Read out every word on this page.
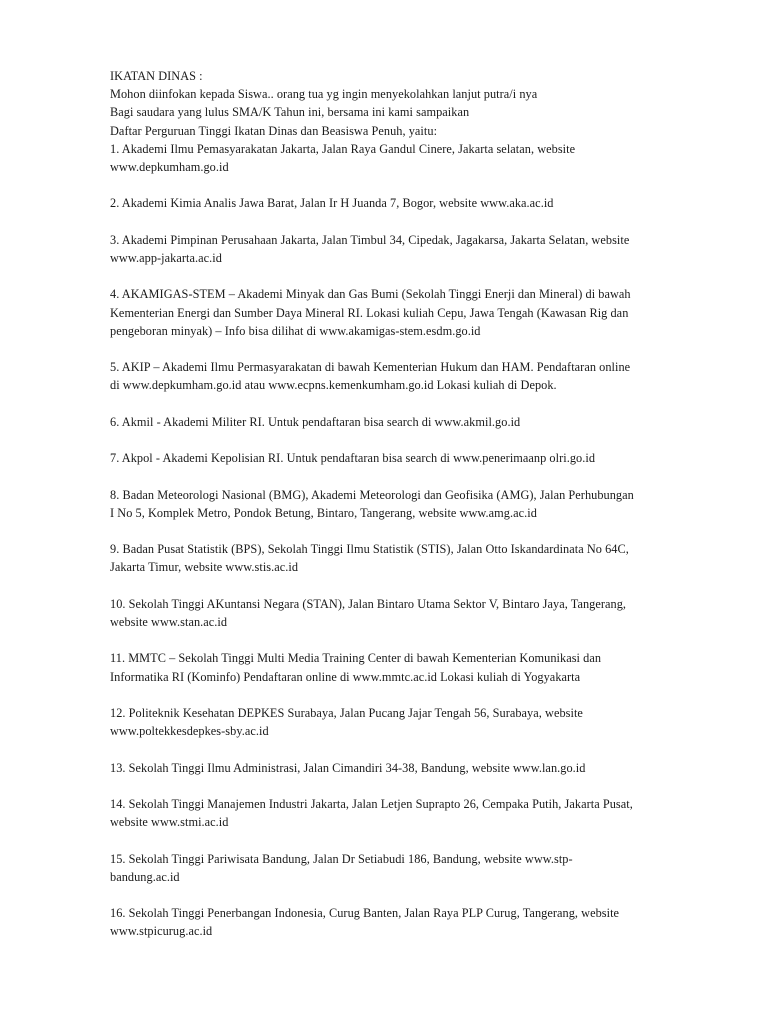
IKATAN DINAS :
Mohon diinfokan kepada Siswa.. orang tua yg ingin menyekolahkan lanjut putra/i nya
Bagi saudara yang lulus SMA/K Tahun ini, bersama ini kami sampaikan
Daftar Perguruan Tinggi Ikatan Dinas dan Beasiswa Penuh, yaitu:
1. Akademi Ilmu Pemasyarakatan Jakarta, Jalan Raya Gandul Cinere, Jakarta selatan, website
www.depkumham.go.id
2. Akademi Kimia Analis Jawa Barat, Jalan Ir H Juanda 7, Bogor, website www.aka.ac.id
3. Akademi Pimpinan Perusahaan Jakarta, Jalan Timbul 34, Cipedak, Jagakarsa, Jakarta Selatan, website
www.app-jakarta.ac.id
4. AKAMIGAS-STEM – Akademi Minyak dan Gas Bumi (Sekolah Tinggi Enerji dan Mineral) di bawah
Kementerian Energi dan Sumber Daya Mineral RI. Lokasi kuliah Cepu, Jawa Tengah (Kawasan Rig dan
pengeboran minyak) – Info bisa dilihat di www.akamigas-stem.esdm.go.id
5. AKIP – Akademi Ilmu Permasyarakatan di bawah Kementerian Hukum dan HAM. Pendaftaran online
di www.depkumham.go.id atau www.ecpns.kemenkumham.go.id Lokasi kuliah di Depok.
6. Akmil - Akademi Militer RI. Untuk pendaftaran bisa search di www.akmil.go.id
7. Akpol - Akademi Kepolisian RI. Untuk pendaftaran bisa search di www.penerimaanp olri.go.id
8. Badan Meteorologi Nasional (BMG), Akademi Meteorologi dan Geofisika (AMG), Jalan Perhubungan
I No 5, Komplek Metro, Pondok Betung, Bintaro, Tangerang, website www.amg.ac.id
9. Badan Pusat Statistik (BPS), Sekolah Tinggi Ilmu Statistik (STIS), Jalan Otto Iskandardinata No 64C,
Jakarta Timur, website www.stis.ac.id
10. Sekolah Tinggi AKuntansi Negara (STAN), Jalan Bintaro Utama Sektor V, Bintaro Jaya, Tangerang,
website www.stan.ac.id
11. MMTC – Sekolah Tinggi Multi Media Training Center di bawah Kementerian Komunikasi dan
Informatika RI (Kominfo) Pendaftaran online di www.mmtc.ac.id Lokasi kuliah di Yogyakarta
12. Politeknik Kesehatan DEPKES Surabaya, Jalan Pucang Jajar Tengah 56, Surabaya, website
www.poltekkesdepkes-sby.ac.id
13. Sekolah Tinggi Ilmu Administrasi, Jalan Cimandiri 34-38, Bandung, website www.lan.go.id
14. Sekolah Tinggi Manajemen Industri Jakarta, Jalan Letjen Suprapto 26, Cempaka Putih, Jakarta Pusat,
website www.stmi.ac.id
15. Sekolah Tinggi Pariwisata Bandung, Jalan Dr Setiabudi 186, Bandung, website www.stp-
bandung.ac.id
16. Sekolah Tinggi Penerbangan Indonesia, Curug Banten, Jalan Raya PLP Curug, Tangerang, website
www.stpicurug.ac.id
